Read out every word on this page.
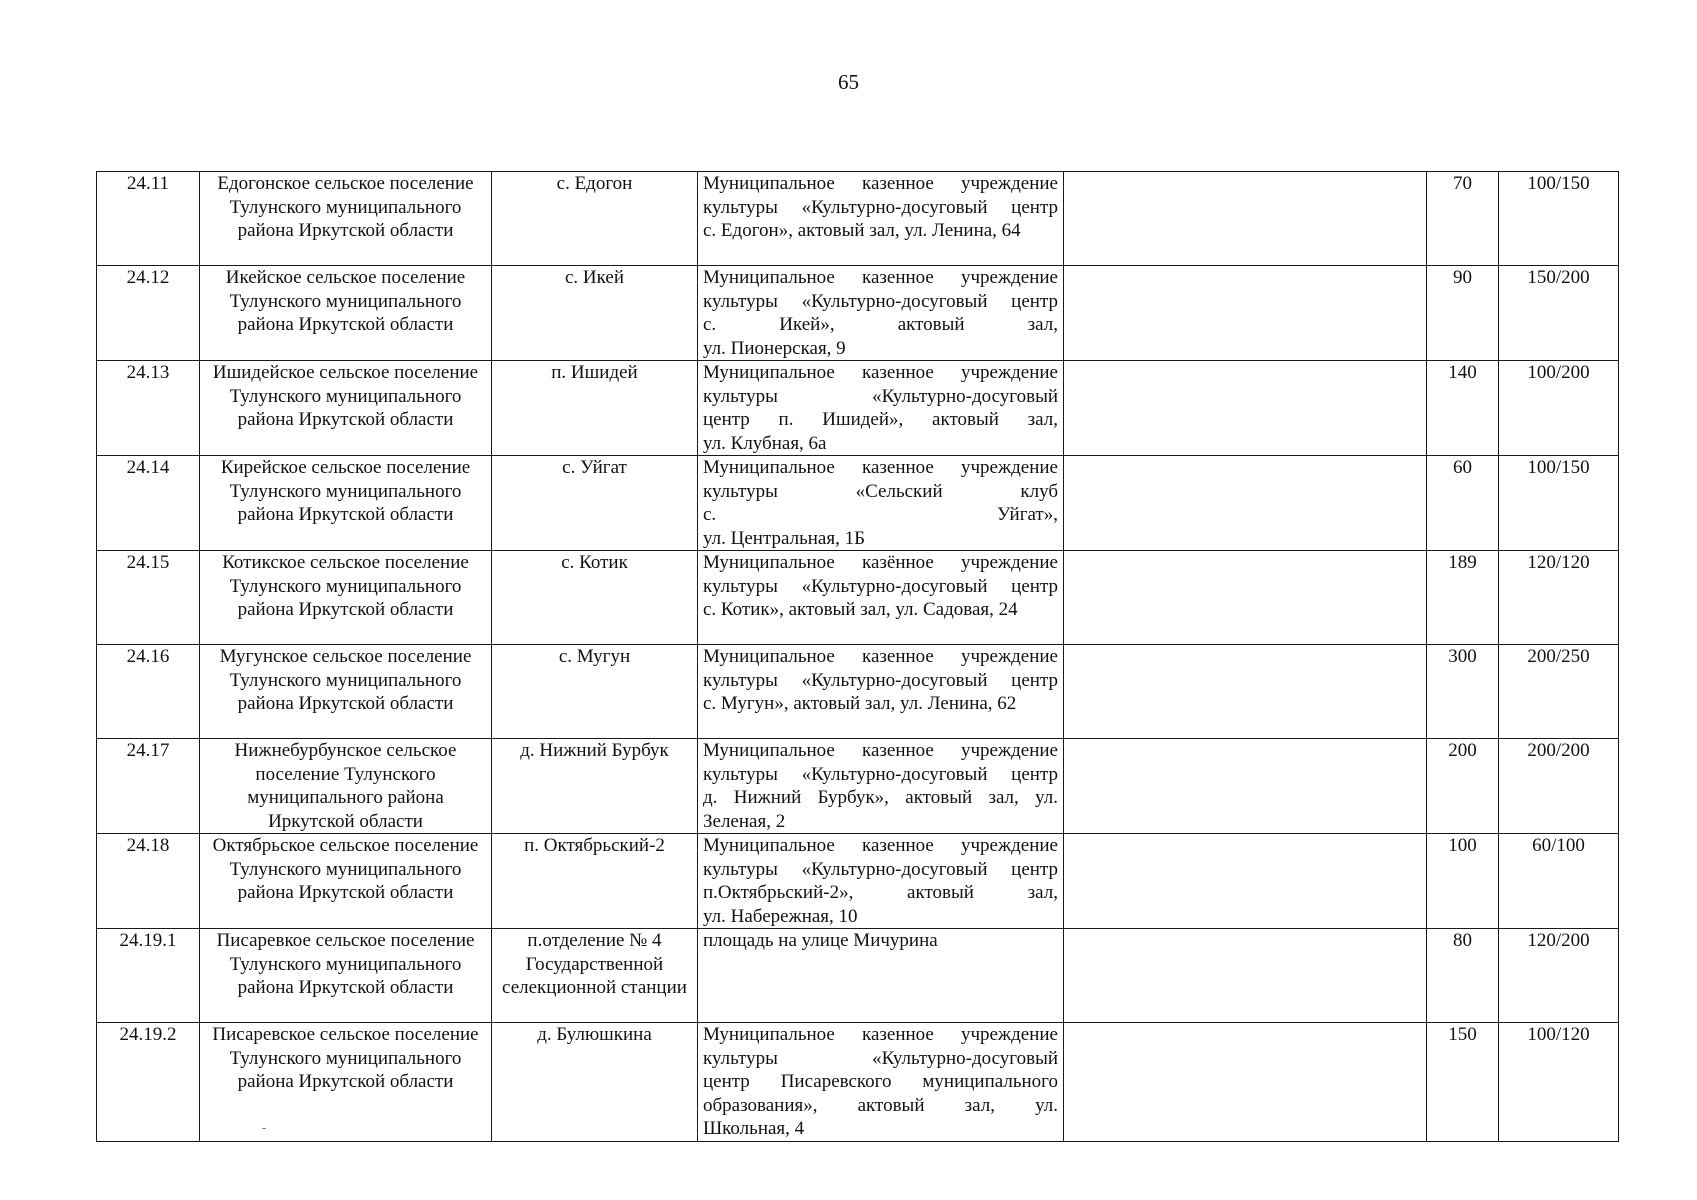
65
24.11	Едогонское сельское поселение Тулунского муниципального района Иркутской области	с. Едогон	Муниципальное казенное учреждение
культуры «Культурно-досуговый центр
с. Едогон», актовый зал, ул. Ленина, 64		70	100/150
24.12	Икейское сельское поселение Тулунского муниципального района Иркутской области	с. Икей	Муниципальное казенное учреждение
культуры «Культурно-досуговый центр
с. Икей», актовый зал,
ул. Пионерская, 9		90	150/200
24.13	Ишидейское сельское поселение Тулунского муниципального района Иркутской области	п. Ишидей	Муниципальное казенное учреждение
культуры «Культурно-досуговый
центр п. Ишидей», актовый зал,
ул. Клубная, 6а		140	100/200
24.14	Кирейское сельское поселение Тулунского муниципального района Иркутской области	с. Уйгат	Муниципальное казенное учреждение
культуры «Сельский клуб
с. Уйгат»,
ул. Центральная, 1Б		60	100/150
24.15	Котикское сельское поселение Тулунского муниципального района Иркутской области	с. Котик	Муниципальное казённое учреждение
культуры «Культурно-досуговый центр
с. Котик», актовый зал, ул. Садовая, 24		189	120/120
24.16	Мугунское сельское поселение Тулунского муниципального района Иркутской области	с. Мугун	Муниципальное казенное учреждение
культуры «Культурно-досуговый центр
с. Мугун», актовый зал, ул. Ленина, 62		300	200/250
24.17	Нижнебурбунское сельское поселение Тулунского муниципального района Иркутской области	д. Нижний Бурбук	Муниципальное казенное учреждение
культуры «Культурно-досуговый центр
д. Нижний Бурбук», актовый зал, ул.
Зеленая, 2		200	200/200
24.18	Октябрьское сельское поселение Тулунского муниципального района Иркутской области	п. Октябрьский-2	Муниципальное казенное учреждение
культуры «Культурно-досуговый центр
п.Октябрьский-2», актовый зал,
ул. Набережная, 10		100	60/100
24.19.1	Писаревкое сельское поселение Тулунского муниципального района Иркутской области	п.отделение № 4 Государственной селекционной станции	площадь на улице Мичурина		80	120/200
24.19.2	Писаревское сельское поселение Тулунского муниципального района Иркутской области	д. Булюшкина	Муниципальное казенное учреждение
культуры «Культурно-досуговый
центр Писаревского муниципального
образования», актовый зал, ул.
Школьная, 4		150	100/120
